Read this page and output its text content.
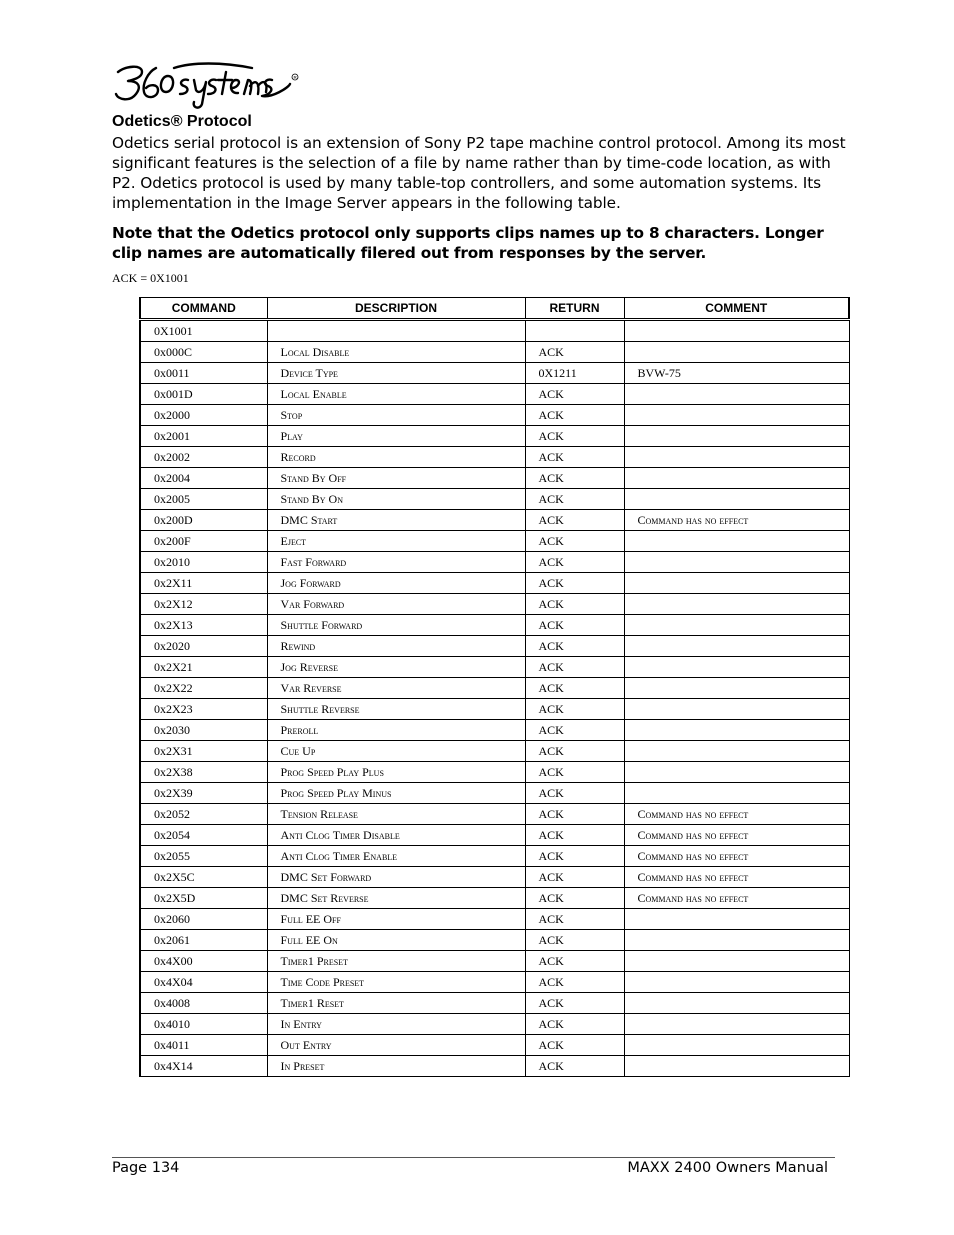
R
Odetics® Protocol
Odetics serial protocol is an extension of Sony P2 tape machine control protocol. Among its most significant features is the selection of a file by name rather than by time-code location, as with P2. Odetics protocol is used by many table-top controllers, and some automation systems. Its implementation in the Image Server appears in the following table.
Note that the Odetics protocol only supports clips names up to 8 characters. Longer clip names are automatically filered out from responses by the server.
ACK = 0X1001
COMMAND	DESCRIPTION	RETURN	COMMENT
0X1001			
0x000C	Local Disable	ACK	
0x0011	Device Type	0X1211	BVW-75
0x001D	Local Enable	ACK	
0x2000	Stop	ACK	
0x2001	Play	ACK	
0x2002	Record	ACK	
0x2004	Stand By Off	ACK	
0x2005	Stand By On	ACK	
0x200D	DMC Start	ACK	Command has no effect
0x200F	Eject	ACK	
0x2010	Fast Forward	ACK	
0x2X11	Jog Forward	ACK	
0x2X12	Var Forward	ACK	
0x2X13	Shuttle Forward	ACK	
0x2020	Rewind	ACK	
0x2X21	Jog Reverse	ACK	
0x2X22	Var Reverse	ACK	
0x2X23	Shuttle Reverse	ACK	
0x2030	Preroll	ACK	
0x2X31	Cue Up	ACK	
0x2X38	Prog Speed Play Plus	ACK	
0x2X39	Prog Speed Play Minus	ACK	
0x2052	Tension Release	ACK	Command has no effect
0x2054	Anti Clog Timer Disable	ACK	Command has no effect
0x2055	Anti Clog Timer Enable	ACK	Command has no effect
0x2X5C	DMC Set Forward	ACK	Command has no effect
0x2X5D	DMC Set Reverse	ACK	Command has no effect
0x2060	Full EE Off	ACK	
0x2061	Full EE On	ACK	
0x4X00	Timer1 Preset	ACK	
0x4X04	Time Code Preset	ACK	
0x4008	Timer1 Reset	ACK	
0x4010	In Entry	ACK	
0x4011	Out Entry	ACK	
0x4X14	In Preset	ACK	
Page 134	MAXX 2400 Owners Manual
